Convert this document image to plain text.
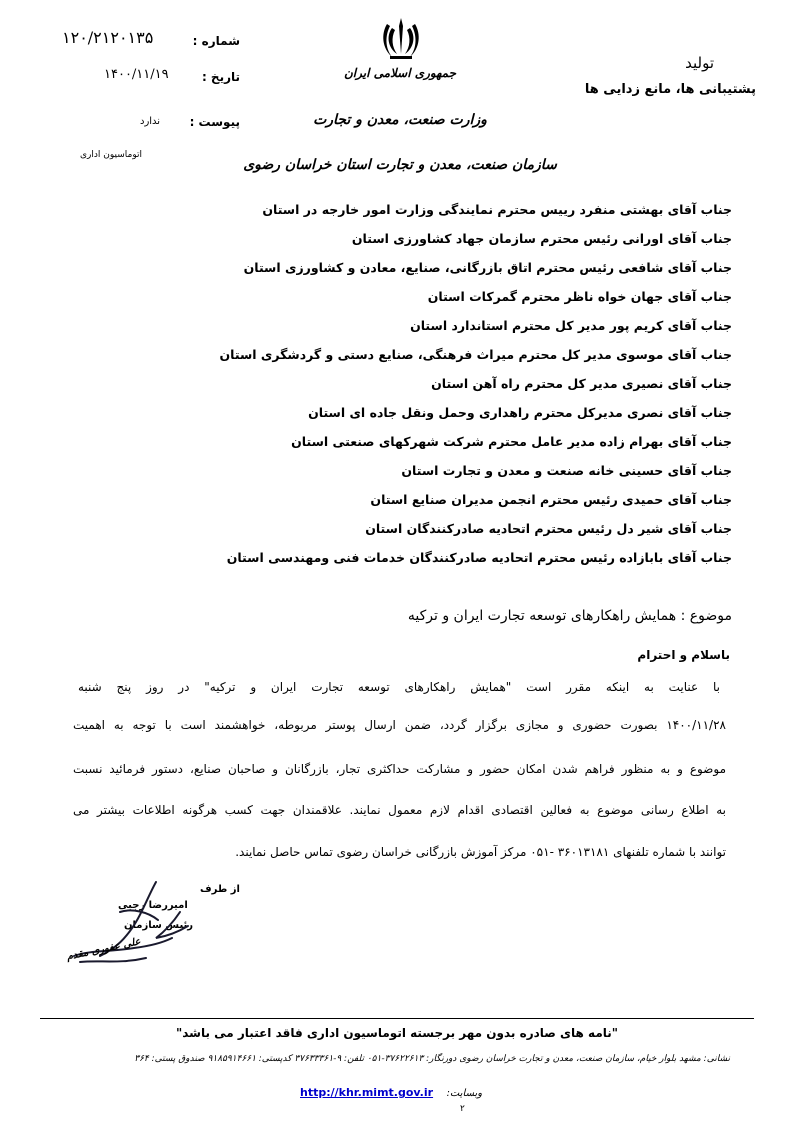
شماره :
۱۲۰/۲۱۲۰۱۳۵
تاریخ :
۱۴۰۰/۱۱/۱۹
پیوست :
ندارد
اتوماسیون اداری
جمهوری اسلامی ایران
وزارت صنعت، معدن و تجارت
سازمان صنعت، معدن و تجارت استان خراسان رضوی
تولید
پشتیبانی ها، مانع زدایی ها
جناب آقای بهشتی منفرد رییس محترم نمایندگی وزارت امور خارجه در استان
جناب آقای اورانی رئیس محترم سازمان جهاد کشاورزی استان
جناب آقای شافعی رئیس محترم اتاق بازرگانی، صنایع، معادن و کشاورزی استان
جناب آقای جهان خواه ناظر محترم گمرکات استان
جناب آقای کریم پور مدیر کل محترم استاندارد استان
جناب آقای موسوی مدیر کل محترم میراث فرهنگی، صنایع دستی و گردشگری استان
جناب آقای نصیری مدیر کل محترم راه آهن استان
جناب آقای نصری مدیرکل محترم راهداری وحمل ونقل جاده ای استان
جناب آقای بهرام زاده مدیر عامل محترم شرکت شهرکهای صنعتی استان
جناب آقای حسینی خانه صنعت و معدن و تجارت استان
جناب آقای حمیدی رئیس محترم انجمن مدیران صنایع استان
جناب آقای شیر دل رئیس محترم اتحادیه صادرکنندگان استان
جناب آقای بابازاده رئیس محترم اتحادیه صادرکنندگان خدمات فنی ومهندسی استان
موضوع : همایش راهکارهای توسعه تجارت ایران و ترکیه
باسلام و احترام
با عنایت به اینکه مقرر است "همایش راهکارهای توسعه تجارت ایران و ترکیه" در روز پنج شنبه
۱۴۰۰/۱۱/۲۸ بصورت حضوری و مجازی برگزار گردد، ضمن ارسال پوستر مربوطه، خواهشمند است با توجه به اهمیت
موضوع و به منظور فراهم شدن امکان حضور و مشارکت حداکثری تجار، بازرگانان و صاحبان صنایع، دستور فرمائید نسبت
به اطلاع رسانی موضوع به فعالین اقتصادی اقدام لازم معمول نمایند. علاقمندان جهت کسب هرگونه اطلاعات بیشتر می
توانند با شماره تلفنهای ۳۶۰۱۳۱۸۱ -۰۵۱ مرکز آموزش بازرگانی خراسان رضوی تماس حاصل نمایند.
از طرف
امیررضا رجبی
رئیس سازمان
علی عفوری مقدم
"نامه های صادره بدون مهر برجسته اتوماسیون اداری فاقد اعتبار می باشد"
نشانی: مشهد بلوار خیام، سازمان صنعت، معدن و تجارت خراسان رضوی دورنگار: ۳۷۶۲۲۶۱۳-۰۵۱ تلفن: ۹-۳۷۶۳۳۳۶۱ کدپستی: ۹۱۸۵۹۱۴۶۶۱ صندوق پستی: ۳۶۴
http://khr.mimt.gov.ir وبسایت:
۲
